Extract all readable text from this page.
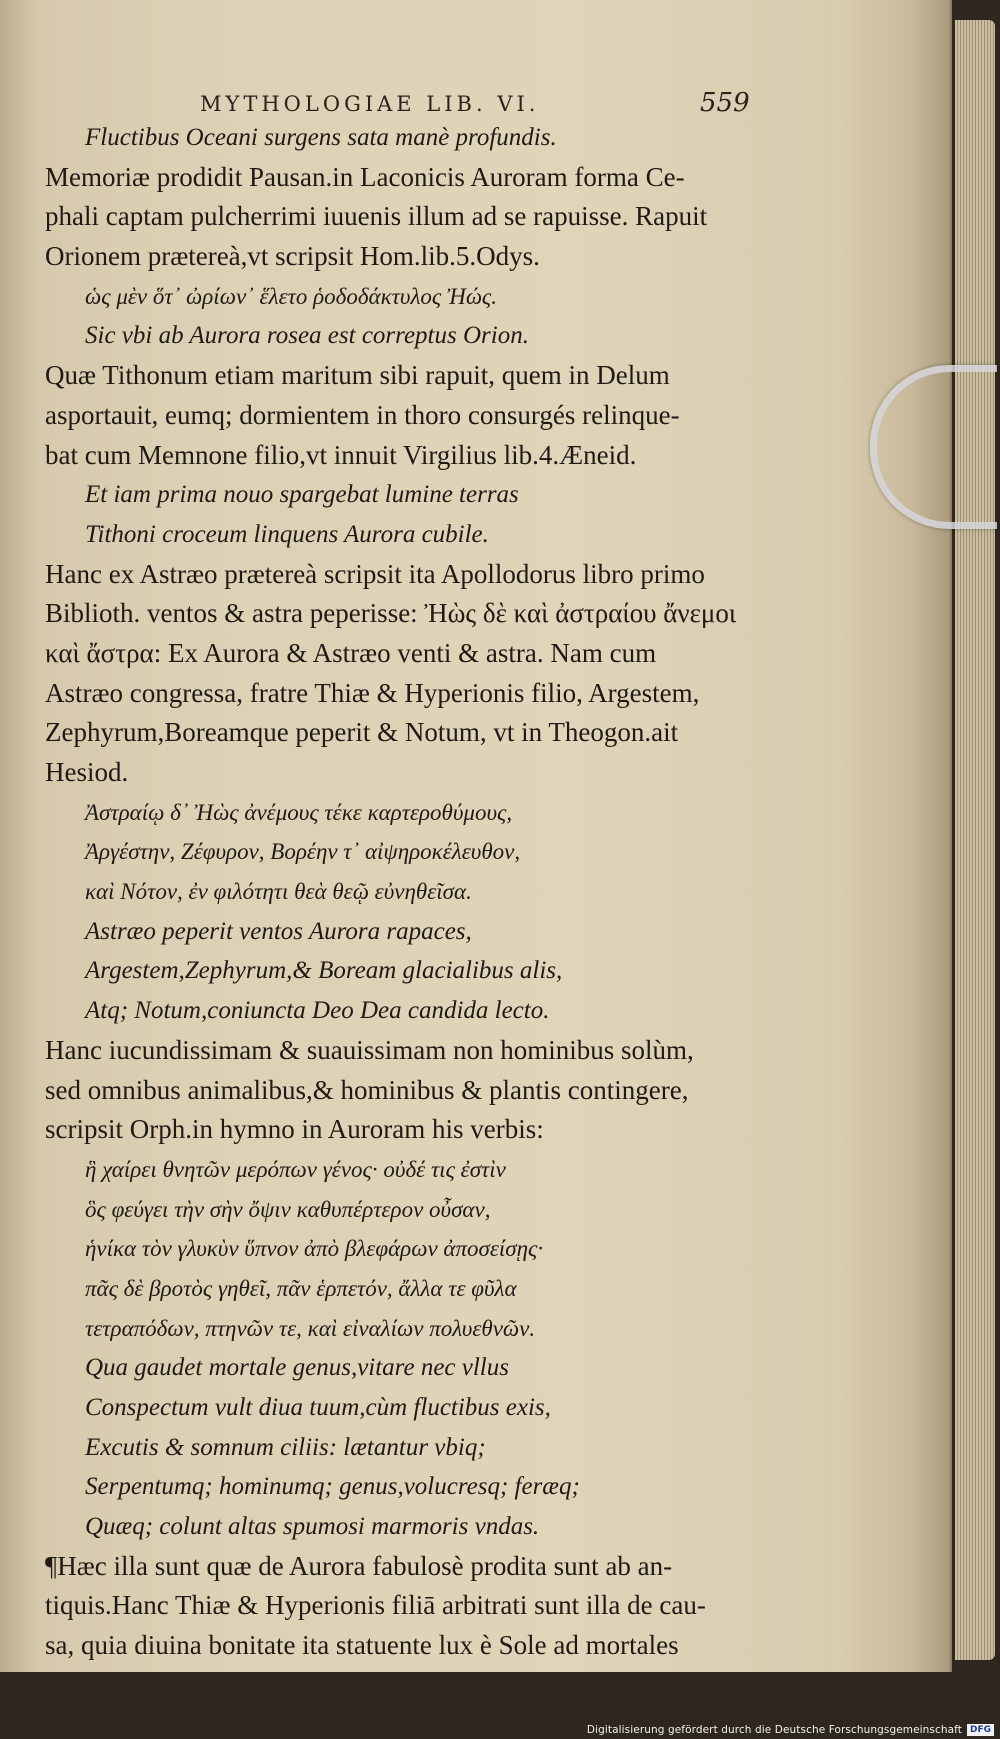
MYTHOLOGIAE LIB. VI.	559
Fluctibus Oceani surgens sata manè profundis.
Memoriæ prodidit Pausan.in Laconicis Auroram forma Ce-
phali captam pulcherrimi iuuenis illum ad se rapuisse. Rapuit
Orionem prætereà,vt scripsit Hom.lib.5.Odys.
ὡς μὲν ὅτ᾽ ὠρίων᾽ ἕλετο ῥοδοδάκτυλος Ἠώς.
Sic vbi ab Aurora rosea est correptus Orion.
Quæ Tithonum etiam maritum sibi rapuit, quem in Delum
asportauit, eumq; dormientem in thoro consurgés relinque-
bat cum Memnone filio,vt innuit Virgilius lib.4.Æneid.
Et iam prima nouo spargebat lumine terras
Tithoni croceum linquens Aurora cubile.
Hanc ex Astræo prætereà scripsit ita Apollodorus libro primo
Biblioth. ventos & astra peperisse: Ἠὼς δὲ καὶ ἀστραίου ἄνεμοι
καὶ ἄστρα: Ex Aurora & Astræo venti & astra. Nam cum
Astræo congressa, fratre Thiæ & Hyperionis filio, Argestem,
Zephyrum,Boreamque peperit & Notum, vt in Theogon.ait
Hesiod.
Ἀστραίῳ δ᾽ Ἠὼς ἀνέμους τέκε καρτεροθύμους,
Ἀργέστην, Ζέφυρον, Βορέην τ᾽ αἰψηροκέλευθον,
καὶ Νότον, ἐν φιλότητι θεὰ θεῷ εὐνηθεῖσα.
Astræo peperit ventos Aurora rapaces,
Argestem,Zephyrum,& Boream glacialibus alis,
Atq; Notum,coniuncta Deo Dea candida lecto.
Hanc iucundissimam & suauissimam non hominibus solùm,
sed omnibus animalibus,& hominibus & plantis contingere,
scripsit Orph.in hymno in Auroram his verbis:
ἣ χαίρει θνητῶν μερόπων γένος· οὐδέ τις ἐστὶν
ὃς φεύγει τὴν σὴν ὄψιν καθυπέρτερον οὖσαν,
ἡνίκα τὸν γλυκὺν ὕπνον ἀπὸ βλεφάρων ἀποσείσῃς·
πᾶς δὲ βροτὸς γηθεῖ, πᾶν ἑρπετόν, ἄλλα τε φῦλα
τετραπόδων, πτηνῶν τε, καὶ εἰναλίων πολυεθνῶν.
Qua gaudet mortale genus,vitare nec vllus
Conspectum vult diua tuum,cùm fluctibus exis,
Excutis & somnum ciliis: lætantur vbiq;
Serpentumq; hominumq; genus,volucresq; feræq;
Quæq; colunt altas spumosi marmoris vndas.
¶Hæc illa sunt quæ de Aurora fabulosè prodita sunt ab an-
tiquis.Hanc Thiæ & Hyperionis filiā arbitrati sunt illa de cau-
sa, quia diuina bonitate ita statuente lux è Sole ad mortales
Digitalisierung gefördert durch die Deutsche Forschungsgemeinschaft DFG
